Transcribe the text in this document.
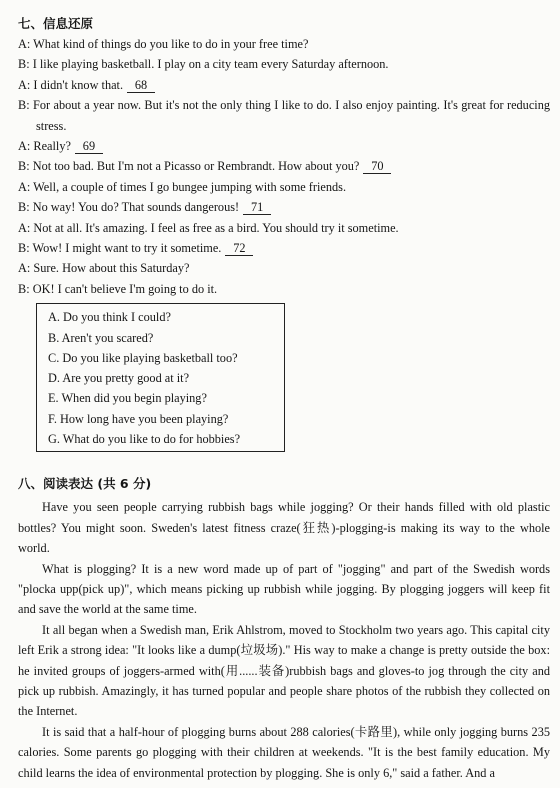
七、信息还原
A: What kind of things do you like to do in your free time?
B: I like playing basketball. I play on a city team every Saturday afternoon.
A: I didn't know that. 68
B: For about a year now. But it's not the only thing I like to do. I also enjoy painting. It's great for reducing stress.
A: Really? 69
B: Not too bad. But I'm not a Picasso or Rembrandt. How about you? 70
A: Well, a couple of times I go bungee jumping with some friends.
B: No way! You do? That sounds dangerous! 71
A: Not at all. It's amazing. I feel as free as a bird. You should try it sometime.
B: Wow! I might want to try it sometime. 72
A: Sure. How about this Saturday?
B: OK! I can't believe I'm going to do it.
A. Do you think I could?
B. Aren't you scared?
C. Do you like playing basketball too?
D. Are you pretty good at it?
E. When did you begin playing?
F. How long have you been playing?
G. What do you like to do for hobbies?
八、阅读表达 (共 6 分)
Have you seen people carrying rubbish bags while jogging? Or their hands filled with old plastic bottles? You might soon. Sweden's latest fitness craze(狂热)-plogging-is making its way to the whole world.
What is plogging? It is a new word made up of part of "jogging" and part of the Swedish words "plocka upp(pick up)", which means picking up rubbish while jogging. By plogging joggers will keep fit and save the world at the same time.
It all began when a Swedish man, Erik Ahlstrom, moved to Stockholm two years ago. This capital city left Erik a strong idea: "It looks like a dump(垃圾场)." His way to make a change is pretty outside the box: he invited groups of joggers-armed with(用......装备)rubbish bags and gloves-to jog through the city and pick up rubbish. Amazingly, it has turned popular and people share photos of the rubbish they collected on the Internet.
It is said that a half-hour of plogging burns about 288 calories(卡路里), while only jogging burns 235 calories. Some parents go plogging with their children at weekends. "It is the best family education. My child learns the idea of environmental protection by plogging. She is only 6," said a father. And a
